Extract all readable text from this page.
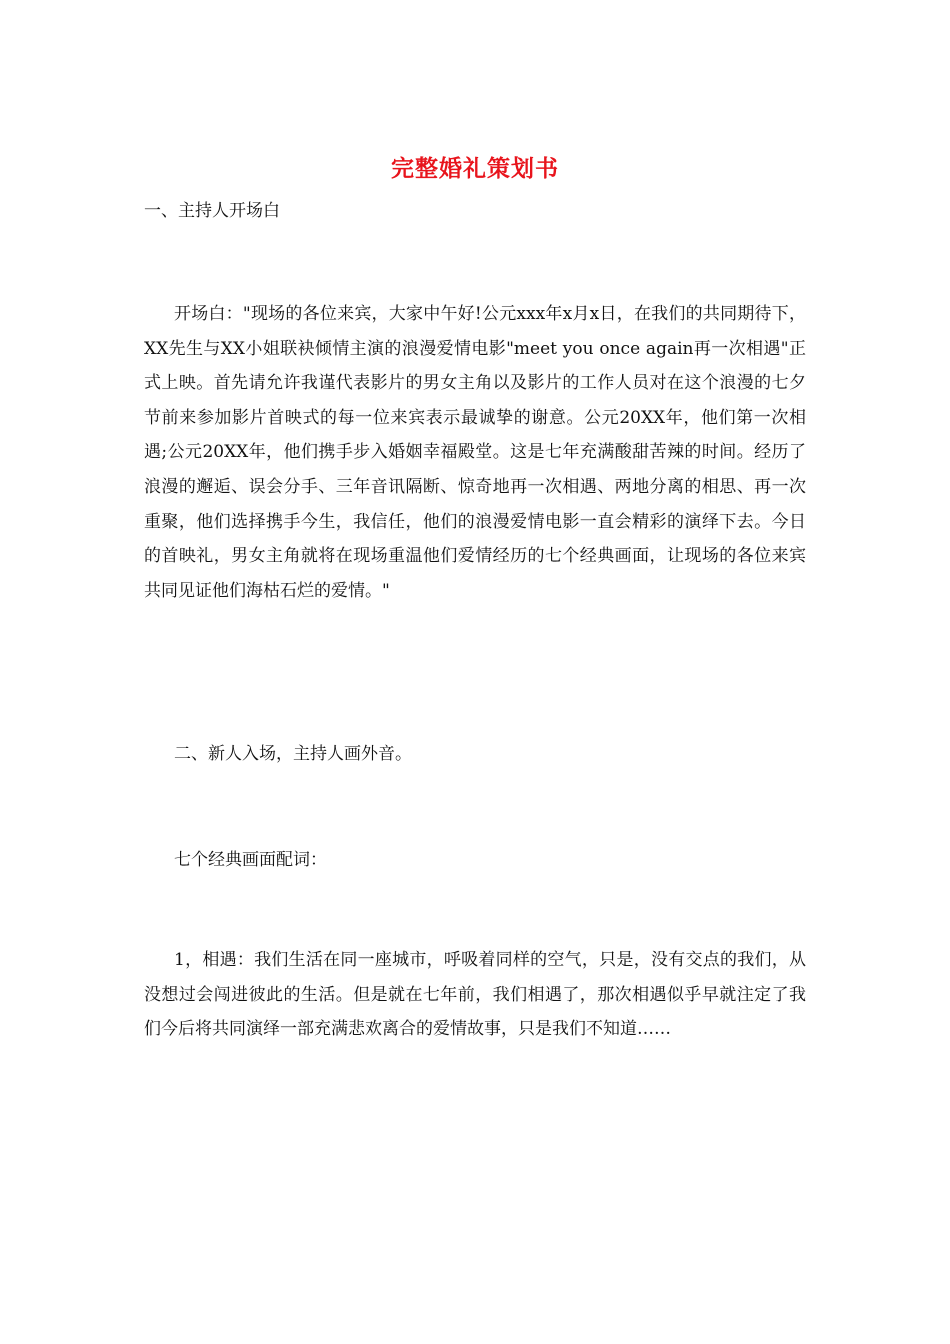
完整婚礼策划书
一、主持人开场白
开场白："现场的各位来宾，大家中午好!公元xxx年x月x日，在我们的共同期待下，XX先生与XX小姐联袂倾情主演的浪漫爱情电影"meet you once again再一次相遇"正式上映。首先请允许我谨代表影片的男女主角以及影片的工作人员对在这个浪漫的七夕节前来参加影片首映式的每一位来宾表示最诚挚的谢意。公元20XX年，他们第一次相遇;公元20XX年，他们携手步入婚姻幸福殿堂。这是七年充满酸甜苦辣的时间。经历了浪漫的邂逅、误会分手、三年音讯隔断、惊奇地再一次相遇、两地分离的相思、再一次重聚，他们选择携手今生，我信任，他们的浪漫爱情电影一直会精彩的演绎下去。今日的首映礼，男女主角就将在现场重温他们爱情经历的七个经典画面，让现场的各位来宾共同见证他们海枯石烂的爱情。"
二、新人入场，主持人画外音。
七个经典画面配词：
1，相遇：我们生活在同一座城市，呼吸着同样的空气，只是，没有交点的我们，从没想过会闯进彼此的生活。但是就在七年前，我们相遇了，那次相遇似乎早就注定了我们今后将共同演绎一部充满悲欢离合的爱情故事，只是我们不知道……
